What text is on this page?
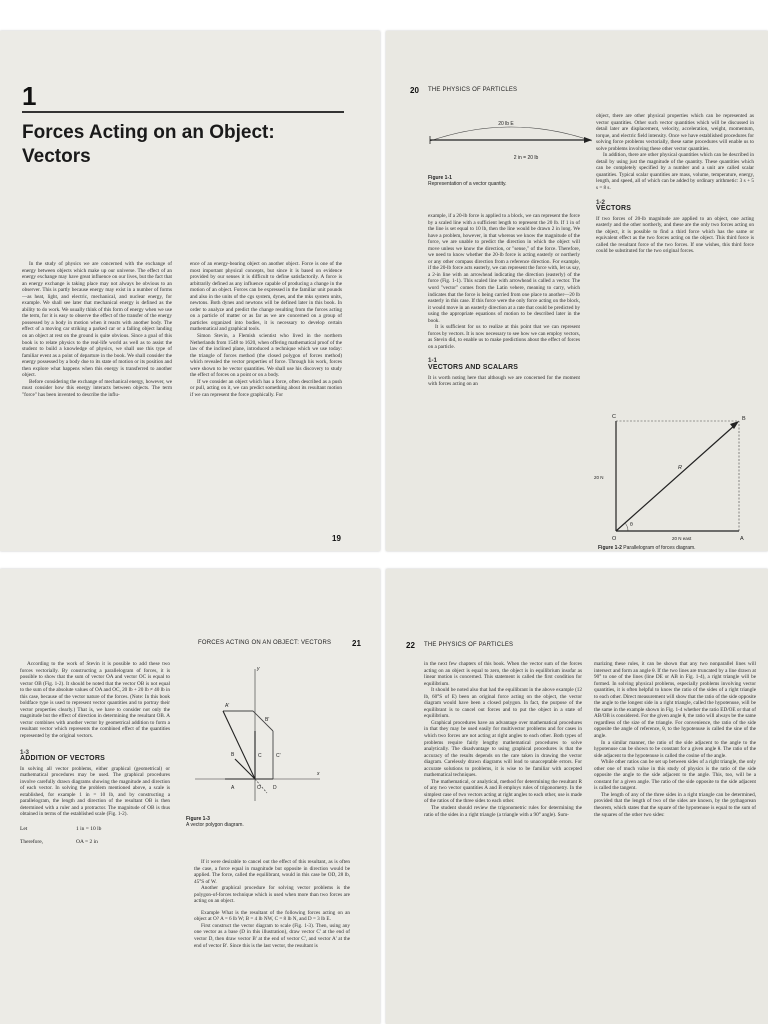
1
Forces Acting on an Object: Vectors

In the study of physics we are concerned with the exchange of energy between objects which make up our universe. The effect of an energy exchange may have great influence on our lives, but the fact that an energy exchange is taking place may not always be obvious to an observer. This is partly because energy may exist in a number of forms—as heat, light, and electric, mechanical, and nuclear energy, for example. We shall see later that mechanical energy is defined as the ability to do work. We usually think of this form of energy when we use the term, for it is easy to observe the effect of the transfer of the energy possessed by a body in motion when it reacts with another body. The effect of a moving car striking a parked car or a falling object landing on an object at rest on the ground is quite obvious. Since a goal of this book is to relate physics to the real-life world as well as to assist the student to build a knowledge of physics, we shall use this type of familiar event as a point of departure in the book. We shall consider the energy possessed by a body due to its state of motion or its position and then explore what happens when this energy is transferred to another object.

Before considering the exchange of mechanical energy, however, we must consider how this energy interacts between objects. The term "force" has been invented to describe the influ-

ence of an energy-bearing object on another object. Force is one of the most important physical concepts, but since it is based on evidence provided by our senses it is difficult to define satisfactorily. A force is arbitrarily defined as any influence capable of producing a change in the motion of an object. Forces can be expressed in the familiar unit pounds and also in the units of the cgs system, dynes, and the mks system units, newtons. Both dynes and newtons will be defined later in this book. In order to analyze and predict the change resulting from the forces acting on a particle of matter or as far as we are concerned on a group of particles organized into bodies, it is necessary to develop certain mathematical and graphical tools.

Simon Stevin, a Flemish scientist who lived in the northern Netherlands from 1548 to 1620, when offering mathematical proof of the law of the inclined plane, introduced a technique which we use today: the triangle of forces method (the closed polygon of forces method) which revealed the vector properties of force. Through his work, forces were shown to be vector quantities. We shall use his discovery to study the effect of forces on a point or on a body.

If we consider an object which has a force, often described as a push or pull, acting on it, we can predict something about its resultant motion if we can represent the force graphically. For

19
20 THE PHYSICS OF PARTICLES
20 lb E
2 in = 20 lb
Figure 1-1
Representation of a vector quantity.

example, if a 20-lb force is applied to a block, we can represent the force by a scaled line with a sufficient length to represent the 20 lb. If 1 in of the line is set equal to 10 lb, then the line would be drawn 2 in long. We have a problem, however, in that whereas we know the magnitude of the force, we are unable to predict the direction in which the object will move unless we know the direction, or "sense," of the force. Therefore, we need to know whether the 20-lb force is acting easterly or northerly or any other compass direction from a reference direction. For example, if the 20-lb force acts easterly, we can represent the force with, let us say, a 2-in line with an arrowhead indicating the direction (easterly) of the force (Fig. 1-1). This scaled line with arrowhead is called a vector. The word "vector" comes from the Latin vehere, meaning to carry, which indicates that the force is being carried from one place to another—20 lb easterly in this case. If this force were the only force acting on the block, it would move in an easterly direction at a rate that could be predicted by using the appropriate equations of motion to be described later in the book.

It is sufficient for us to realize at this point that we can represent forces by vectors. It is now necessary to see how we can employ vectors, as Stevin did, to enable us to make predictions about the effect of forces on a particle.

1-1
VECTORS AND SCALARS

It is worth noting here that although we are concerned for the moment with forces acting on an

object, there are other physical properties which can be represented as vector quantities. Other such vector quantities which will be discussed in detail later are displacement, velocity, acceleration, weight, momentum, torque, and electric field intensity. Once we have established procedures for solving force problems vectorially, these same procedures will enable us to solve problems involving these other vector quantities.

In addition, there are other physical quantities which can be described in detail by using just the magnitude of the quantity. These quantities which can be completely specified by a number and a unit are called scalar quantities. Typical scalar quantities are mass, volume, temperature, energy, length, and speed, all of which can be added by ordinary arithmetic: 3 s + 5 s = 8 s.

1-2
VECTORS

If two forces of 20-lb magnitude are applied to an object, one acting easterly and the other northerly, and these are the only two forces acting on the object, it is possible to find a third force which has the same or equivalent effect as the two forces acting on the object. This third force is called the resultant force of the two forces. If one wishes, this third force could be substituted for the two original forces.

C	B
O	A
R
θ
20 N
20 N east
Figure 1-2 Parallelogram of forces diagram.
FORCES ACTING ON AN OBJECT: VECTORS	21

According to the work of Stevin it is possible to add these two forces vectorially. By constructing a parallelogram of forces, it is possible to show that the sum of vector OA and vector OC is equal to vector OB (Fig. 1-2). It should be noted that the vector OB is not equal to the sum of the absolute values of OA and OC, 20 lb + 20 lb ≠ 40 lb in this case, because of the vector nature of the forces. (Note: In this book boldface type is used to represent vector quantities and to portray their vector properties clearly.) That is, we have to consider not only the magnitude but the effect of direction in determining the resultant OB. A vector combines with another vector by geometrical addition to form a resultant vector which represents the combined effect of the quantities represented by the original vectors.

1-3
ADDITION OF VECTORS

In solving all vector problems, either graphical (geometrical) or mathematical procedures may be used. The graphical procedures involve carefully drawn diagrams showing the magnitude and direction of each vector. In solving the problem mentioned above, a scale is established, for example 1 in = 10 lb, and by constructing a parallelogram, the length and direction of the resultant OB is then determined with a ruler and a protractor. The magnitude of OB is thus obtained in terms of the established scale (Fig. 1-2).

Let	1 in = 10 lb
Therefore,	OA = 2 in
y
x
A'
B'
B	C	C'
A	O D
Figure 1-3
A vector polygon diagram.

If it were desirable to cancel out the effect of this resultant, as is often the case, a force equal in magnitude but opposite in direction would be applied. The force, called the equilibrant, would in this case be OD, 28 lb, 45°S of W.

Another graphical procedure for solving vector problems is the polygon-of-forces technique which is used when more than two forces are acting on an object.

Example What is the resultant of the following forces acting on an object at O? A = 6 lb W; B = 4 lb NW, C = 8 lb N, and D = 3 lb E.

First construct the vector diagram to scale (Fig. 1-3). Then, using any one vector as a base (D in this illustration), draw vector C' at the end of vector D, then draw vector B' at the end of vector C', and vector A' at the end of vector B'. Since this is the last vector, the resultant is

22 THE PHYSICS OF PARTICLES

in the next few chapters of this book. When the vector sum of the forces acting on an object is equal to zero, the object is in equilibrium insofar as linear motion is concerned. This statement is called the first condition for equilibrium.

It should be noted also that had the equilibrant in the above example (12 lb, 60°S of E) been an original force acting on the object, the vector diagram would have been a closed polygon. In fact, the purpose of the equilibrant is to cancel out forces and to put the object in a state of equilibrium.

Graphical procedures have an advantage over mathematical procedures in that they may be used easily for multivector problems and for cases in which two forces are not acting at right angles to each other. Both types of problems require fairly lengthy mathematical procedures to solve analytically. The disadvantage to using graphical procedures is that the accuracy of the results depends on the care taken in drawing the vector diagram. Carelessly drawn diagrams will lead to unacceptable errors. For accurate solutions to problems, it is wise to be familiar with accepted mathematical techniques.

The mathematical, or analytical, method for determining the resultant R of any two vector quantities A and B employs rules of trigonometry. In the simplest case of two vectors acting at right angles to each other, use is made of the ratios of the three sides to each other.

The student should review the trigonometric rules for determining the ratio of the sides in a right triangle (a triangle with a 90° angle). Sum-

marizing these rules, it can be shown that any two nonparallel lines will intersect and form an angle θ. If the two lines are truncated by a line drawn at 90° to one of the lines (line DE or AB in Fig. 1-4), a right triangle will be formed. In solving physical problems, especially problems involving vector quantities, it is often helpful to know the ratio of the sides of a right triangle to each other. Direct measurement will show that the ratio of the side opposite the angle to the longest side in a right triangle, called the hypotenuse, will be the same in the example shown in Fig. 1-4 whether the ratio ED/OE or that of AB/OB is considered. For the given angle θ, the ratio will always be the same regardless of the size of the triangle. For convenience, the ratio of the side opposite the angle of reference, θ, to the hypotenuse is called the sine of the angle.

In a similar manner, the ratio of the side adjacent to the angle to the hypotenuse can be shown to be constant for a given angle θ. The ratio of the side adjacent to the hypotenuse is called the cosine of the angle.

While other ratios can be set up between sides of a right triangle, the only other one of much value in this study of physics is the ratio of the side opposite the angle to the side adjacent to the angle. This, too, will be a constant for a given angle. The ratio of the side opposite to the side adjacent is called the tangent.

The length of any of the three sides in a right triangle can be determined, provided that the length of two of the sides are known, by the pythagorean theorem, which states that the square of the hypotenuse is equal to the sum of the squares of the other two sides:
